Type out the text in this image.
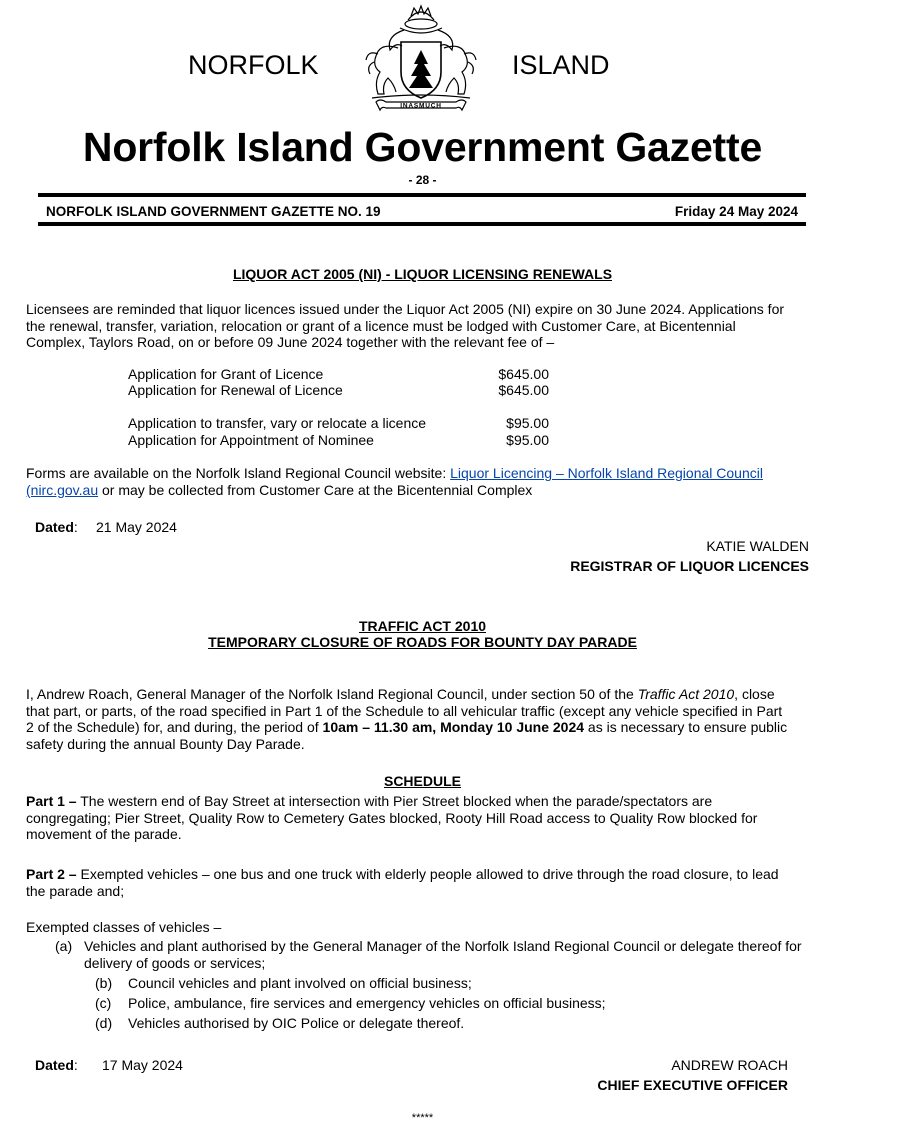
NORFOLK	ISLAND
INASMUCH
Norfolk Island Government Gazette
- 28 -
NORFOLK ISLAND GOVERNMENT GAZETTE NO. 19	Friday 24 May 2024
LIQUOR ACT 2005 (NI) - LIQUOR LICENSING RENEWALS
Licensees are reminded that liquor licences issued under the Liquor Act 2005 (NI) expire on 30 June 2024. Applications for
the renewal, transfer, variation, relocation or grant of a licence must be lodged with Customer Care, at Bicentennial
Complex, Taylors Road, on or before 09 June 2024 together with the relevant fee of –
Application for Grant of Licence	$645.00
Application for Renewal of Licence	$645.00
Application to transfer, vary or relocate a licence	$95.00
Application for Appointment of Nominee	$95.00
Forms are available on the Norfolk Island Regional Council website: Liquor Licencing – Norfolk Island Regional Council
(nirc.gov.au or may be collected from Customer Care at the Bicentennial Complex
Dated: 21 May 2024
KATIE WALDEN
REGISTRAR OF LIQUOR LICENCES
TRAFFIC ACT 2010
TEMPORARY CLOSURE OF ROADS FOR BOUNTY DAY PARADE
I, Andrew Roach, General Manager of the Norfolk Island Regional Council, under section 50 of the Traffic Act 2010, close
that part, or parts, of the road specified in Part 1 of the Schedule to all vehicular traffic (except any vehicle specified in Part
2 of the Schedule) for, and during, the period of 10am – 11.30 am, Monday 10 June 2024 as is necessary to ensure public
safety during the annual Bounty Day Parade.
SCHEDULE
Part 1 – The western end of Bay Street at intersection with Pier Street blocked when the parade/spectators are
congregating; Pier Street, Quality Row to Cemetery Gates blocked, Rooty Hill Road access to Quality Row blocked for
movement of the parade.
Part 2 – Exempted vehicles – one bus and one truck with elderly people allowed to drive through the road closure, to lead
the parade and;
Exempted classes of vehicles –
(a) Vehicles and plant authorised by the General Manager of the Norfolk Island Regional Council or delegate thereof for
delivery of goods or services;
(b) Council vehicles and plant involved on official business;
(c) Police, ambulance, fire services and emergency vehicles on official business;
(d) Vehicles authorised by OIC Police or delegate thereof.
Dated: 17 May 2024	ANDREW ROACH
CHIEF EXECUTIVE OFFICER
*****
